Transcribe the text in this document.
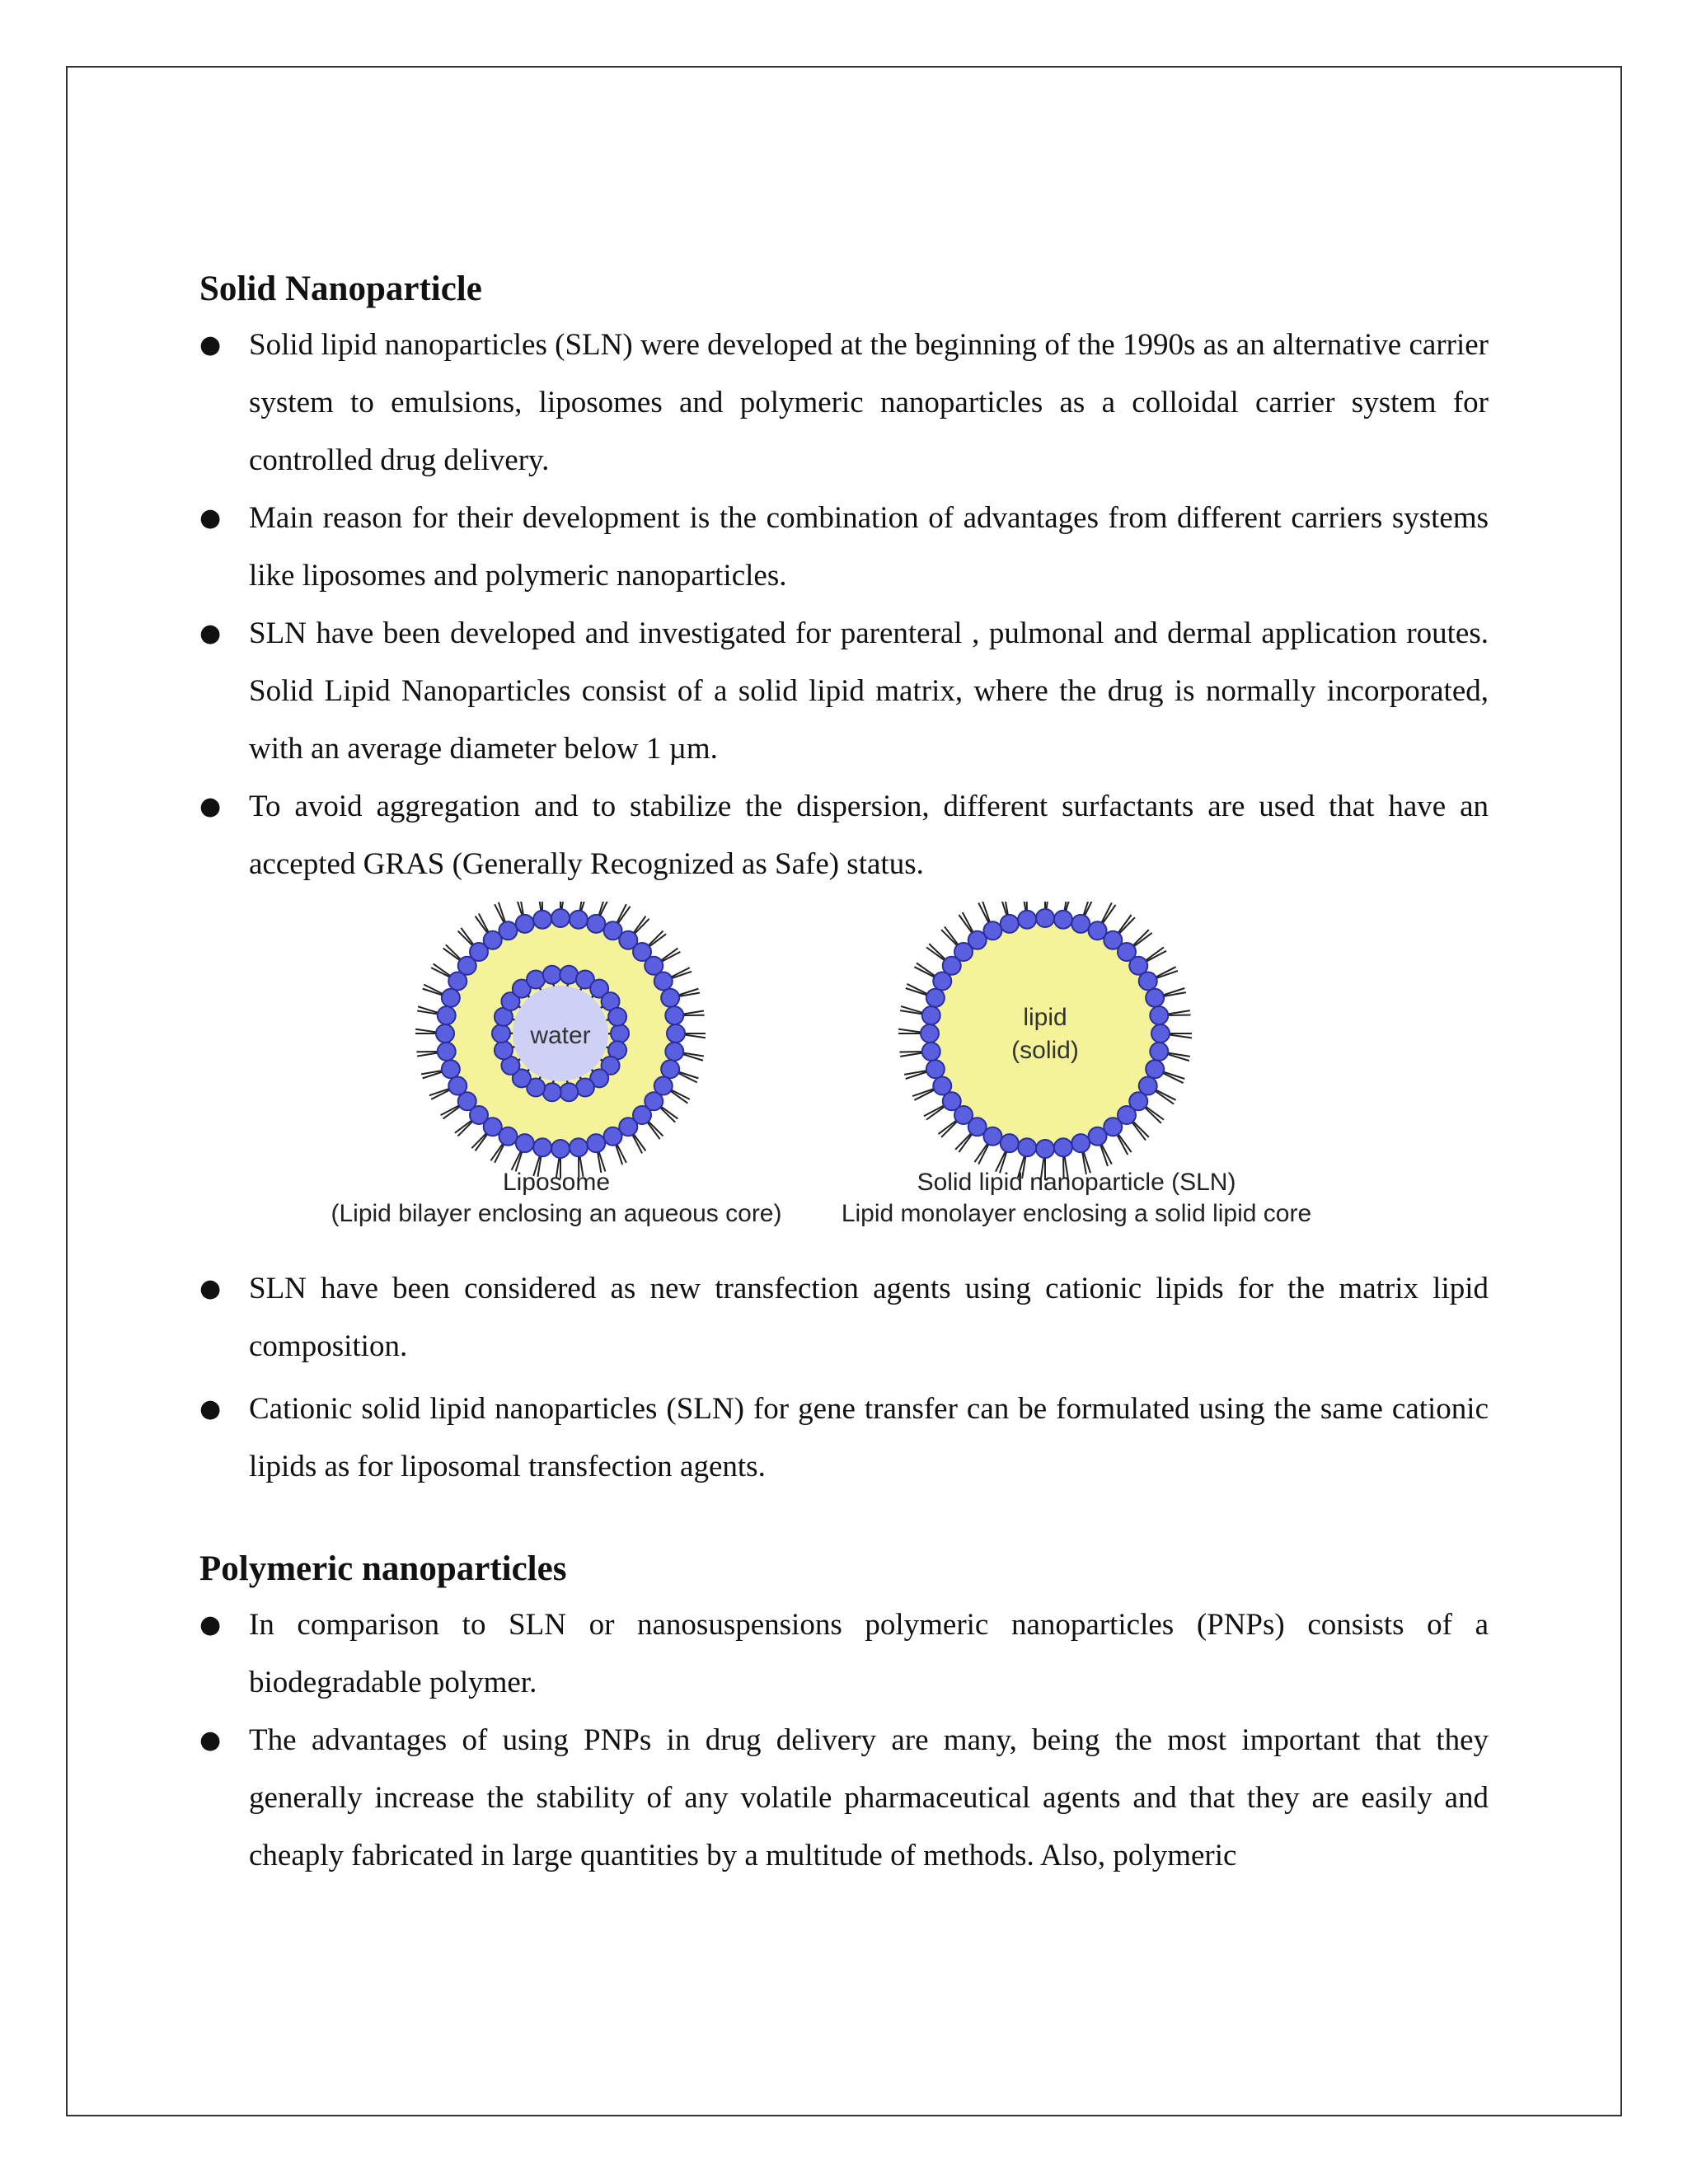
Solid Nanoparticle
● Solid lipid nanoparticles (SLN) were developed at the beginning of the 1990s as an alternative carrier system to emulsions, liposomes and polymeric nanoparticles as a colloidal carrier system for controlled drug delivery.
● Main reason for their development is the combination of advantages from different carriers systems like liposomes and polymeric nanoparticles.
● SLN have been developed and investigated for parenteral , pulmonal and dermal application routes. Solid Lipid Nanoparticles consist of a solid lipid matrix, where the drug is normally incorporated, with an average diameter below 1 µm.
● To avoid aggregation and to stabilize the dispersion, different surfactants are used that have an accepted GRAS (Generally Recognized as Safe) status.
water
lipid
(solid)
Liposome
(Lipid bilayer enclosing an aqueous core)
Solid lipid nanoparticle (SLN)
Lipid monolayer enclosing a solid lipid core
● SLN have been considered as new transfection agents using cationic lipids for the matrix lipid composition.
● Cationic solid lipid nanoparticles (SLN) for gene transfer can be formulated using the same cationic lipids as for liposomal transfection agents.
Polymeric nanoparticles
● In comparison to SLN or nanosuspensions polymeric nanoparticles (PNPs) consists of a biodegradable polymer.
● The advantages of using PNPs in drug delivery are many, being the most important that they generally increase the stability of any volatile pharmaceutical agents and that they are easily and cheaply fabricated in large quantities by a multitude of methods. Also, polymeric
